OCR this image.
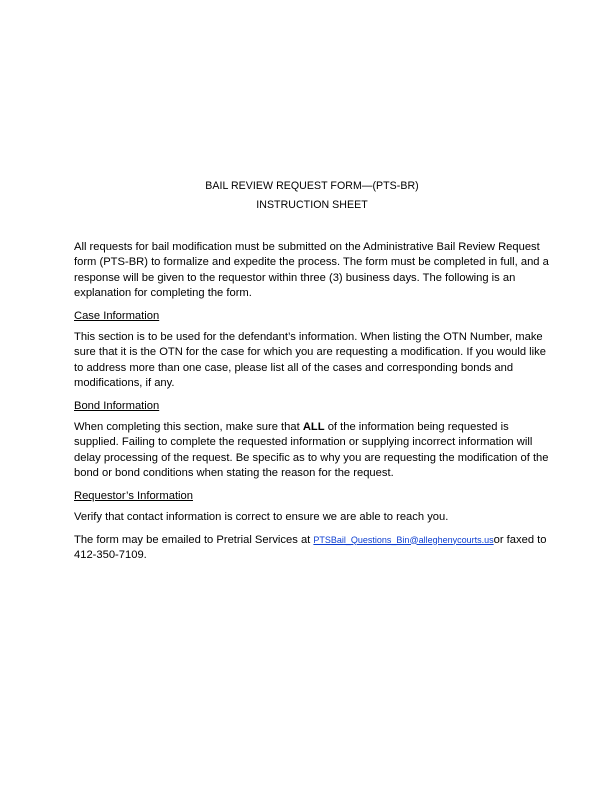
BAIL REVIEW REQUEST FORM—(PTS-BR)
INSTRUCTION SHEET

All requests for bail modification must be submitted on the Administrative Bail Review Request form (PTS-BR) to formalize and expedite the process. The form must be completed in full, and a response will be given to the requestor within three (3) business days. The following is an explanation for completing the form.

Case Information

This section is to be used for the defendant’s information. When listing the OTN Number, make sure that it is the OTN for the case for which you are requesting a modification. If you would like to address more than one case, please list all of the cases and corresponding bonds and modifications, if any.

Bond Information

When completing this section, make sure that ALL of the information being requested is supplied. Failing to complete the requested information or supplying incorrect information will delay processing of the request. Be specific as to why you are requesting the modification of the bond or bond conditions when stating the reason for the request.

Requestor’s Information

Verify that contact information is correct to ensure we are able to reach you.

The form may be emailed to Pretrial Services at PTSBail_Questions_Bin@alleghenycourts.usor faxed to 412-350-7109.
